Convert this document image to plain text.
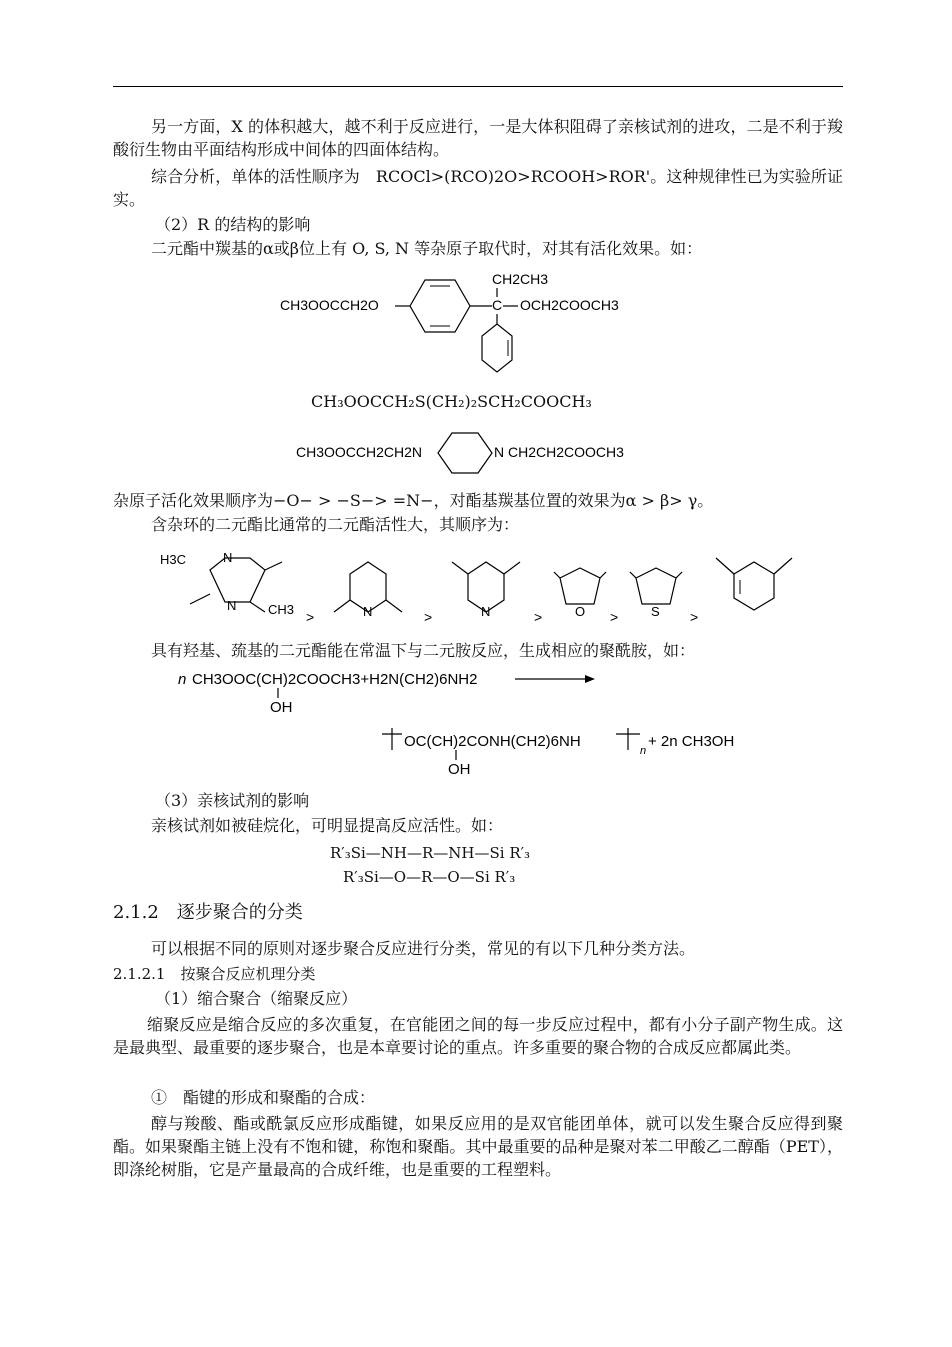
另一方面，X 的体积越大，越不利于反应进行，一是大体积阻碍了亲核试剂的进攻，二是不利于羧酸衍生物由平面结构形成中间体的四面体结构。

综合分析，单体的活性顺序为　RCOCl>(RCO)2O>RCOOH>ROR'。这种规律性已为实验所证实。

（2）R 的结构的影响

二元酯中羰基的α或β位上有 O, S, N 等杂原子取代时，对其有活化效果。如：

CH3OOCCH2O	C
CH2CH3
OCH2COOCH3

CH₃OOCCH₂S(CH₂)₂SCH₂COOCH₃

CH3OOCCH2CH2N	N CH2CH2COOCH3

杂原子活化效果顺序为−O− > −S−> =N−，对酯基羰基位置的效果为α > β> γ。

含杂环的二元酯比通常的二元酯活性大，其顺序为：

H3C	N
N CH3 >	N	>	N	>	O >	S >

具有羟基、巯基的二元酯能在常温下与二元胺反应，生成相应的聚酰胺，如：

n CH3OOC(CH)2COOCH3+H2N(CH2)6NH2
OH
OC(CH)2CONH(CH2)6NH
OH
n
+ 2n CH3OH

（3）亲核试剂的影响

亲核试剂如被硅烷化，可明显提高反应活性。如：

R′₃Si—NH—R—NH—Si R′₃

R′₃Si—O—R—O—Si R′₃

2.1.2　逐步聚合的分类

可以根据不同的原则对逐步聚合反应进行分类，常见的有以下几种分类方法。

2.1.2.1　按聚合反应机理分类

（1）缩合聚合（缩聚反应）

缩聚反应是缩合反应的多次重复，在官能团之间的每一步反应过程中，都有小分子副产物生成。这是最典型、最重要的逐步聚合，也是本章要讨论的重点。许多重要的聚合物的合成反应都属此类。

①　酯键的形成和聚酯的合成：

醇与羧酸、酯或酰氯反应形成酯键，如果反应用的是双官能团单体，就可以发生聚合反应得到聚酯。如果聚酯主链上没有不饱和键，称饱和聚酯。其中最重要的品种是聚对苯二甲酸乙二醇酯（PET），即涤纶树脂，它是产量最高的合成纤维，也是重要的工程塑料。
